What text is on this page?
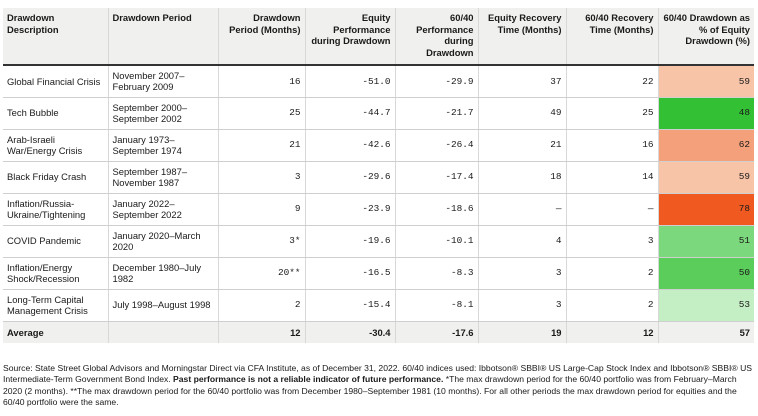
Drawdown Description	Drawdown Period	Drawdown Period (Months)	Equity Performance during Drawdown	60/40 Performance during Drawdown	Equity Recovery Time (Months)	60/40 Recovery Time (Months)	60/40 Drawdown as % of Equity Drawdown (%)
Global Financial Crisis	November 2007–February 2009	16	-51.0	-29.9	37	22	59
Tech Bubble	September 2000–September 2002	25	-44.7	-21.7	49	25	48
Arab-Israeli War/Energy Crisis	January 1973–September 1974	21	-42.6	-26.4	21	16	62
Black Friday Crash	September 1987–November 1987	3	-29.6	-17.4	18	14	59
Inflation/Russia-Ukraine/Tightening	January 2022–September 2022	9	-23.9	-18.6	—	—	78
COVID Pandemic	January 2020–March 2020	3*	-19.6	-10.1	4	3	51
Inflation/Energy Shock/Recession	December 1980–July 1982	20**	-16.5	-8.3	3	2	50
Long-Term Capital Management Crisis	July 1998–August 1998	2	-15.4	-8.1	3	2	53
Average		12	-30.4	-17.6	19	12	57
Source: State Street Global Advisors and Morningstar Direct via CFA Institute, as of December 31, 2022. 60/40 indices used: Ibbotson® SBBI® US Large-Cap Stock Index and Ibbotson® SBBI® US Intermediate-Term Government Bond Index. Past performance is not a reliable indicator of future performance. *The max drawdown period for the 60/40 portfolio was from February–March 2020 (2 months). **The max drawdown period for the 60/40 portfolio was from December 1980–September 1981 (10 months). For all other periods the max drawdown period for equities and the 60/40 portfolio were the same.
